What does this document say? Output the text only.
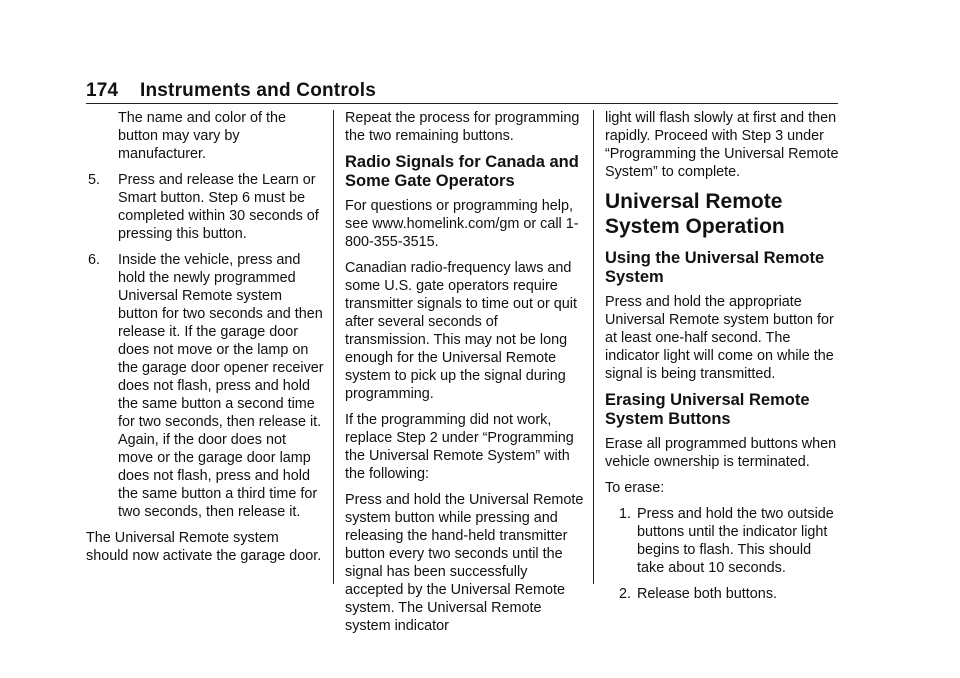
174 Instruments and Controls
The name and color of the button may vary by manufacturer.
5.	Press and release the Learn or Smart button. Step 6 must be completed within 30 seconds of pressing this button.
6.	Inside the vehicle, press and hold the newly programmed Universal Remote system button for two seconds and then release it. If the garage door does not move or the lamp on the garage door opener receiver does not flash, press and hold the same button a second time for two seconds, then release it. Again, if the door does not move or the garage door lamp does not flash, press and hold the same button a third time for two seconds, then release it.

The Universal Remote system should now activate the garage door.

Repeat the process for programming the two remaining buttons.

Radio Signals for Canada and Some Gate Operators

For questions or programming help, see www.homelink.com/gm or call 1-800-355-3515.

Canadian radio-frequency laws and some U.S. gate operators require transmitter signals to time out or quit after several seconds of transmission. This may not be long enough for the Universal Remote system to pick up the signal during programming.

If the programming did not work, replace Step 2 under “Programming the Universal Remote System” with the following:

Press and hold the Universal Remote system button while pressing and releasing the hand-held transmitter button every two seconds until the signal has been successfully accepted by the Universal Remote system. The Universal Remote system indicator

light will flash slowly at first and then rapidly. Proceed with Step 3 under “Programming the Universal Remote System” to complete.

Universal Remote System Operation
Using the Universal Remote System

Press and hold the appropriate Universal Remote system button for at least one-half second. The indicator light will come on while the signal is being transmitted.

Erasing Universal Remote System Buttons

Erase all programmed buttons when vehicle ownership is terminated.

To erase:

1. Press and hold the two outside buttons until the indicator light begins to flash. This should take about 10 seconds.
2. Release both buttons.
